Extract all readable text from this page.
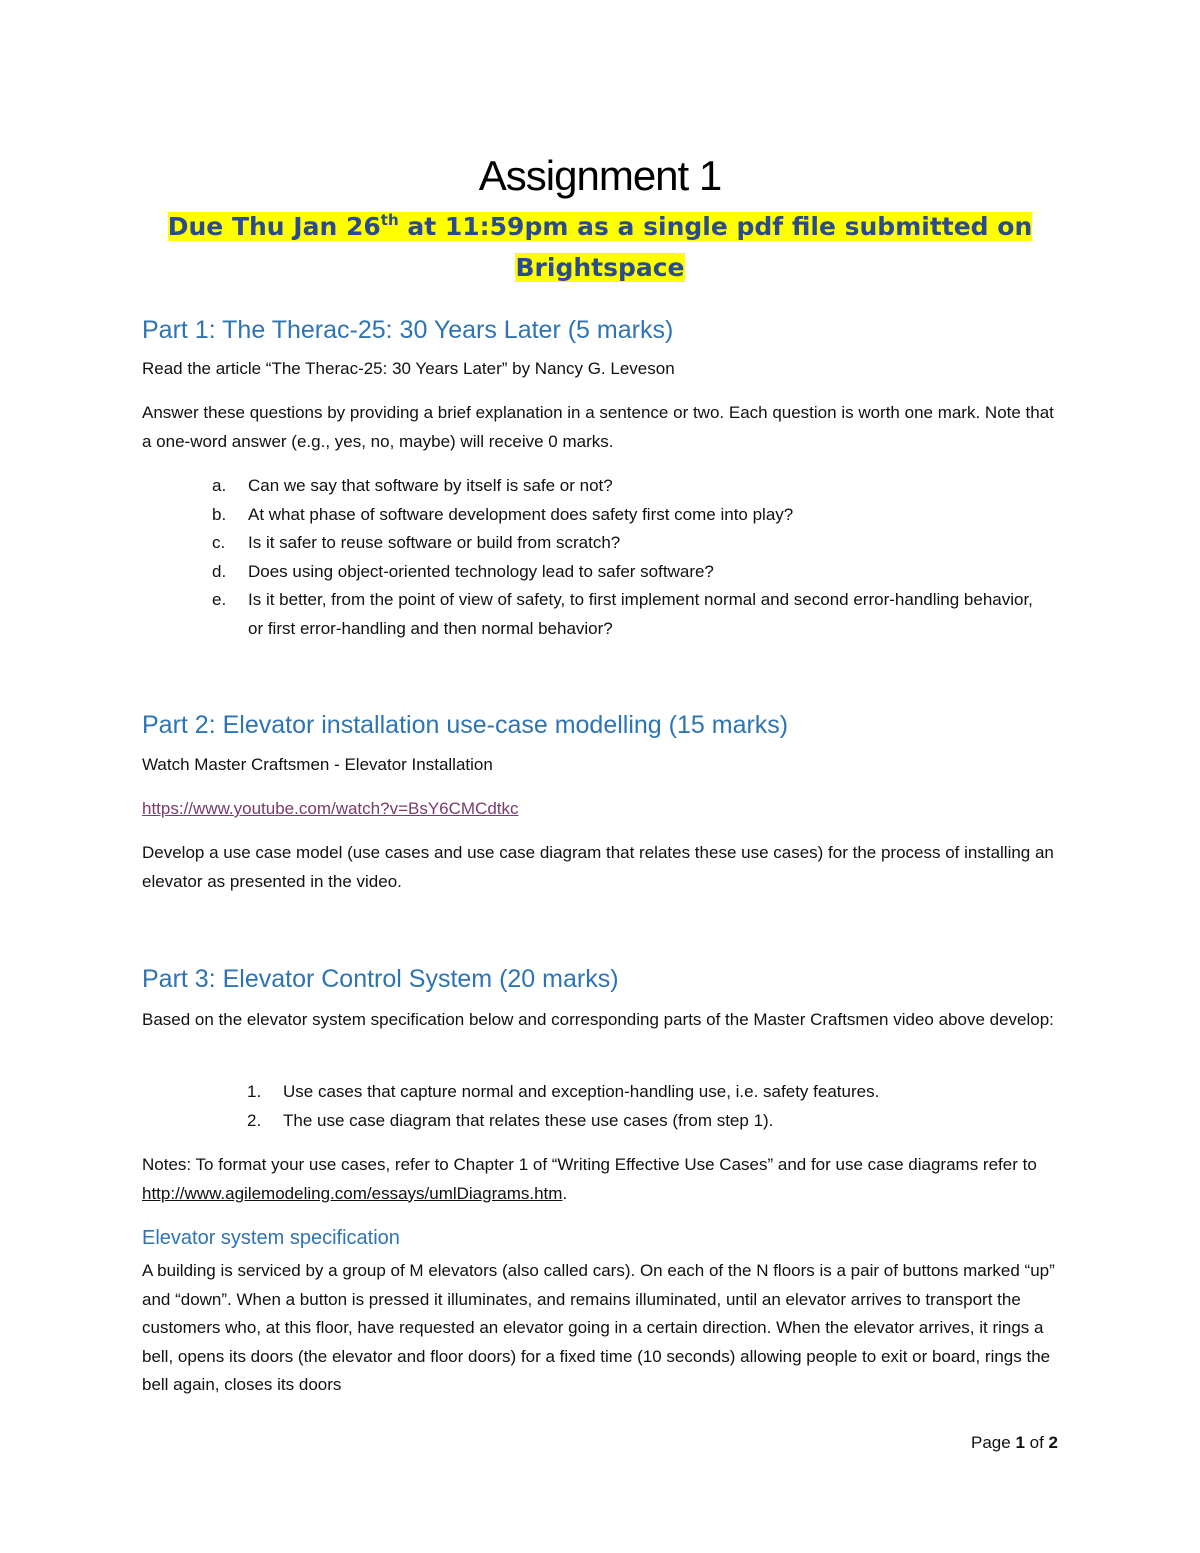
Assignment 1
Due Thu Jan 26th at 11:59pm as a single pdf file submitted on
Brightspace
Part 1: The Therac-25: 30 Years Later (5 marks)

Read the article “The Therac-25: 30 Years Later” by Nancy G. Leveson

Answer these questions by providing a brief explanation in a sentence or two. Each question is worth one mark. Note that a one-word answer (e.g., yes, no, maybe) will receive 0 marks.

a. Can we say that software by itself is safe or not?
b. At what phase of software development does safety first come into play?
c. Is it safer to reuse software or build from scratch?
d. Does using object-oriented technology lead to safer software?
e. Is it better, from the point of view of safety, to first implement normal and second error-handling behavior, or first error-handling and then normal behavior?
Part 2: Elevator installation use-case modelling (15 marks)

Watch Master Craftsmen - Elevator Installation

https://www.youtube.com/watch?v=BsY6CMCdtkc

Develop a use case model (use cases and use case diagram that relates these use cases) for the process of installing an elevator as presented in the video.

Part 3: Elevator Control System (20 marks)

Based on the elevator system specification below and corresponding parts of the Master Craftsmen video above develop:

1. Use cases that capture normal and exception-handling use, i.e. safety features.
2. The use case diagram that relates these use cases (from step 1).

Notes: To format your use cases, refer to Chapter 1 of “Writing Effective Use Cases” and for use case diagrams refer to http://www.agilemodeling.com/essays/umlDiagrams.htm.

Elevator system specification

A building is serviced by a group of M elevators (also called cars). On each of the N floors is a pair of buttons marked “up” and “down”. When a button is pressed it illuminates, and remains illuminated, until an elevator arrives to transport the customers who, at this floor, have requested an elevator going in a certain direction. When the elevator arrives, it rings a bell, opens its doors (the elevator and floor doors) for a fixed time (10 seconds) allowing people to exit or board, rings the bell again, closes its doors

Page 1 of 2
